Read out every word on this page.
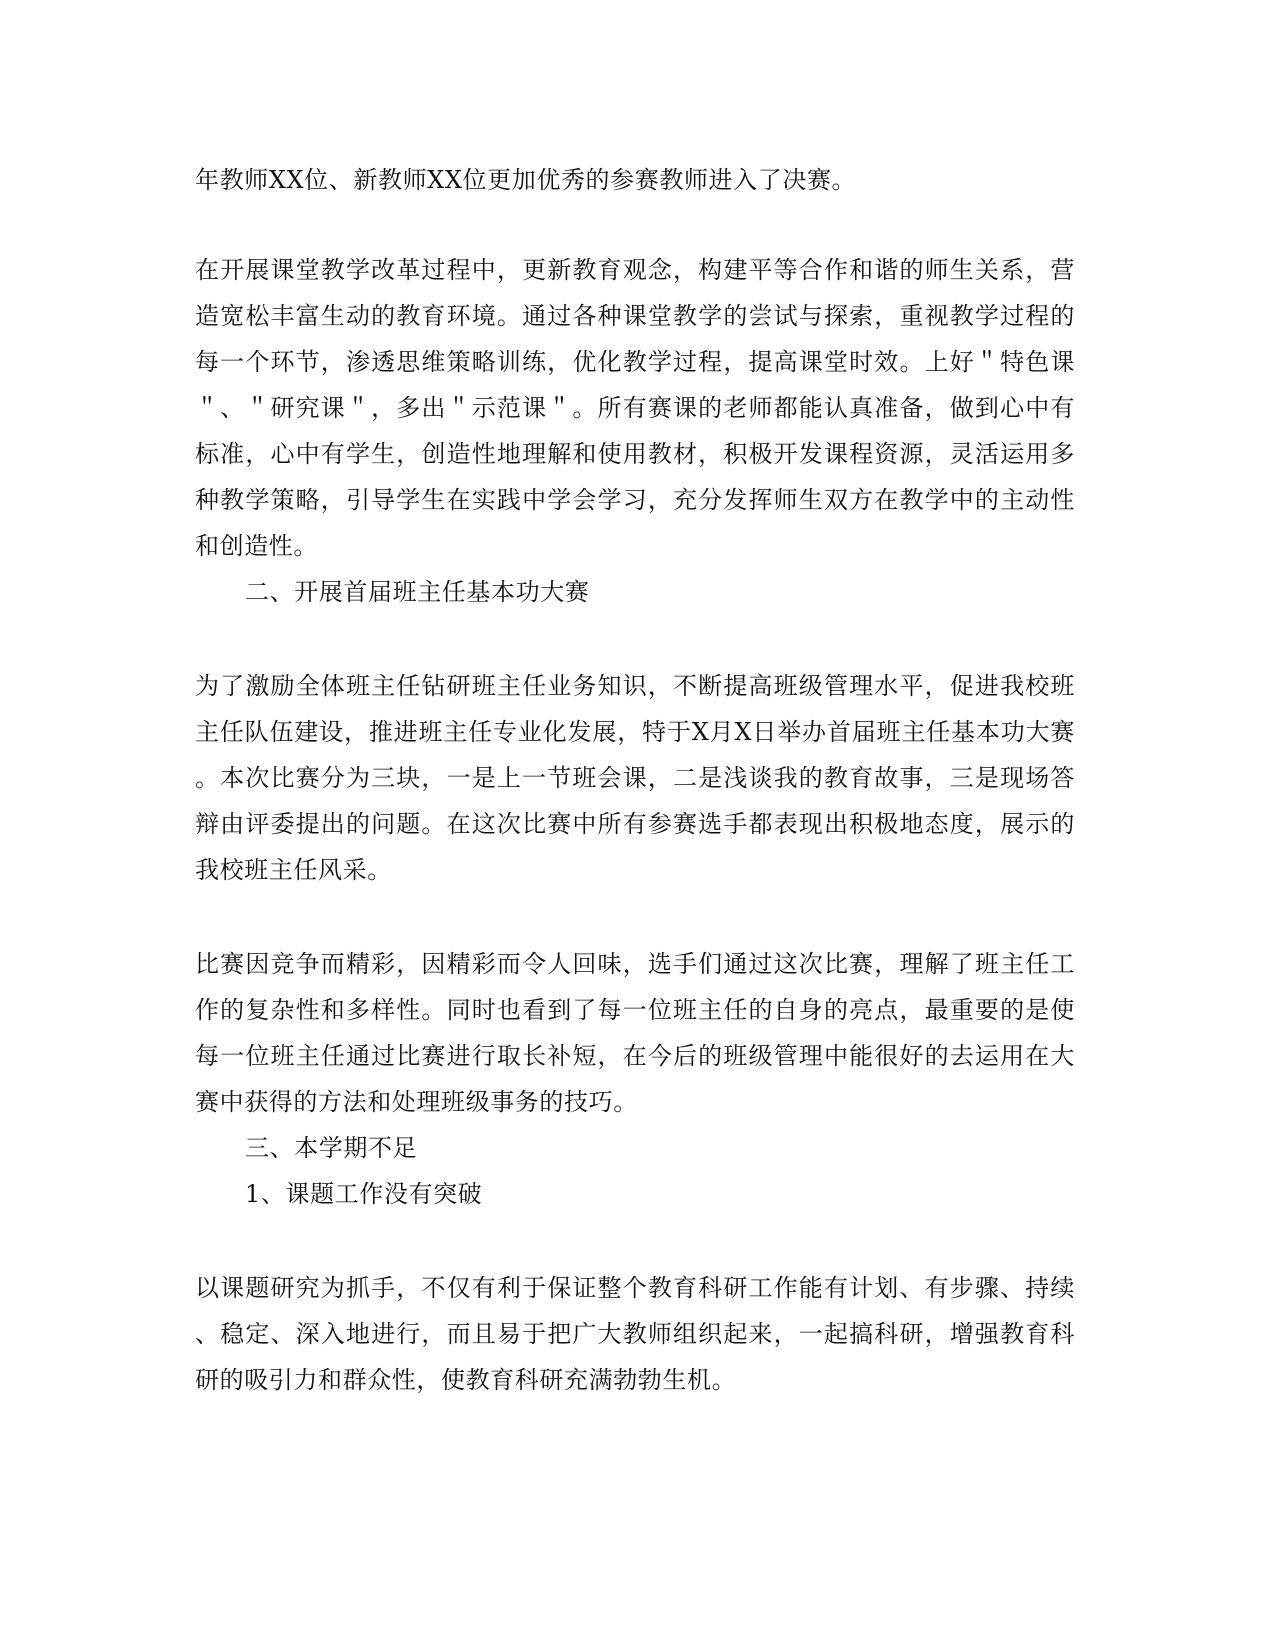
年教师XX位、新教师XX位更加优秀的参赛教师进入了决赛。
在开展课堂教学改革过程中，更新教育观念，构建平等合作和谐的师生关系，营
造宽松丰富生动的教育环境。通过各种课堂教学的尝试与探索，重视教学过程的
每一个环节，渗透思维策略训练，优化教学过程，提高课堂时效。上好＂特色课
＂、＂研究课＂，多出＂示范课＂。所有赛课的老师都能认真准备，做到心中有
标准，心中有学生，创造性地理解和使用教材，积极开发课程资源，灵活运用多
种教学策略，引导学生在实践中学会学习，充分发挥师生双方在教学中的主动性
和创造性。
二、开展首届班主任基本功大赛
为了激励全体班主任钻研班主任业务知识，不断提高班级管理水平，促进我校班
主任队伍建设，推进班主任专业化发展，特于X月X日举办首届班主任基本功大赛
。本次比赛分为三块，一是上一节班会课，二是浅谈我的教育故事，三是现场答
辩由评委提出的问题。在这次比赛中所有参赛选手都表现出积极地态度，展示的
我校班主任风采。
比赛因竞争而精彩，因精彩而令人回味，选手们通过这次比赛，理解了班主任工
作的复杂性和多样性。同时也看到了每一位班主任的自身的亮点，最重要的是使
每一位班主任通过比赛进行取长补短，在今后的班级管理中能很好的去运用在大
赛中获得的方法和处理班级事务的技巧。
三、本学期不足
1、课题工作没有突破
以课题研究为抓手，不仅有利于保证整个教育科研工作能有计划、有步骤、持续
、稳定、深入地进行，而且易于把广大教师组织起来，一起搞科研，增强教育科
研的吸引力和群众性，使教育科研充满勃勃生机。
